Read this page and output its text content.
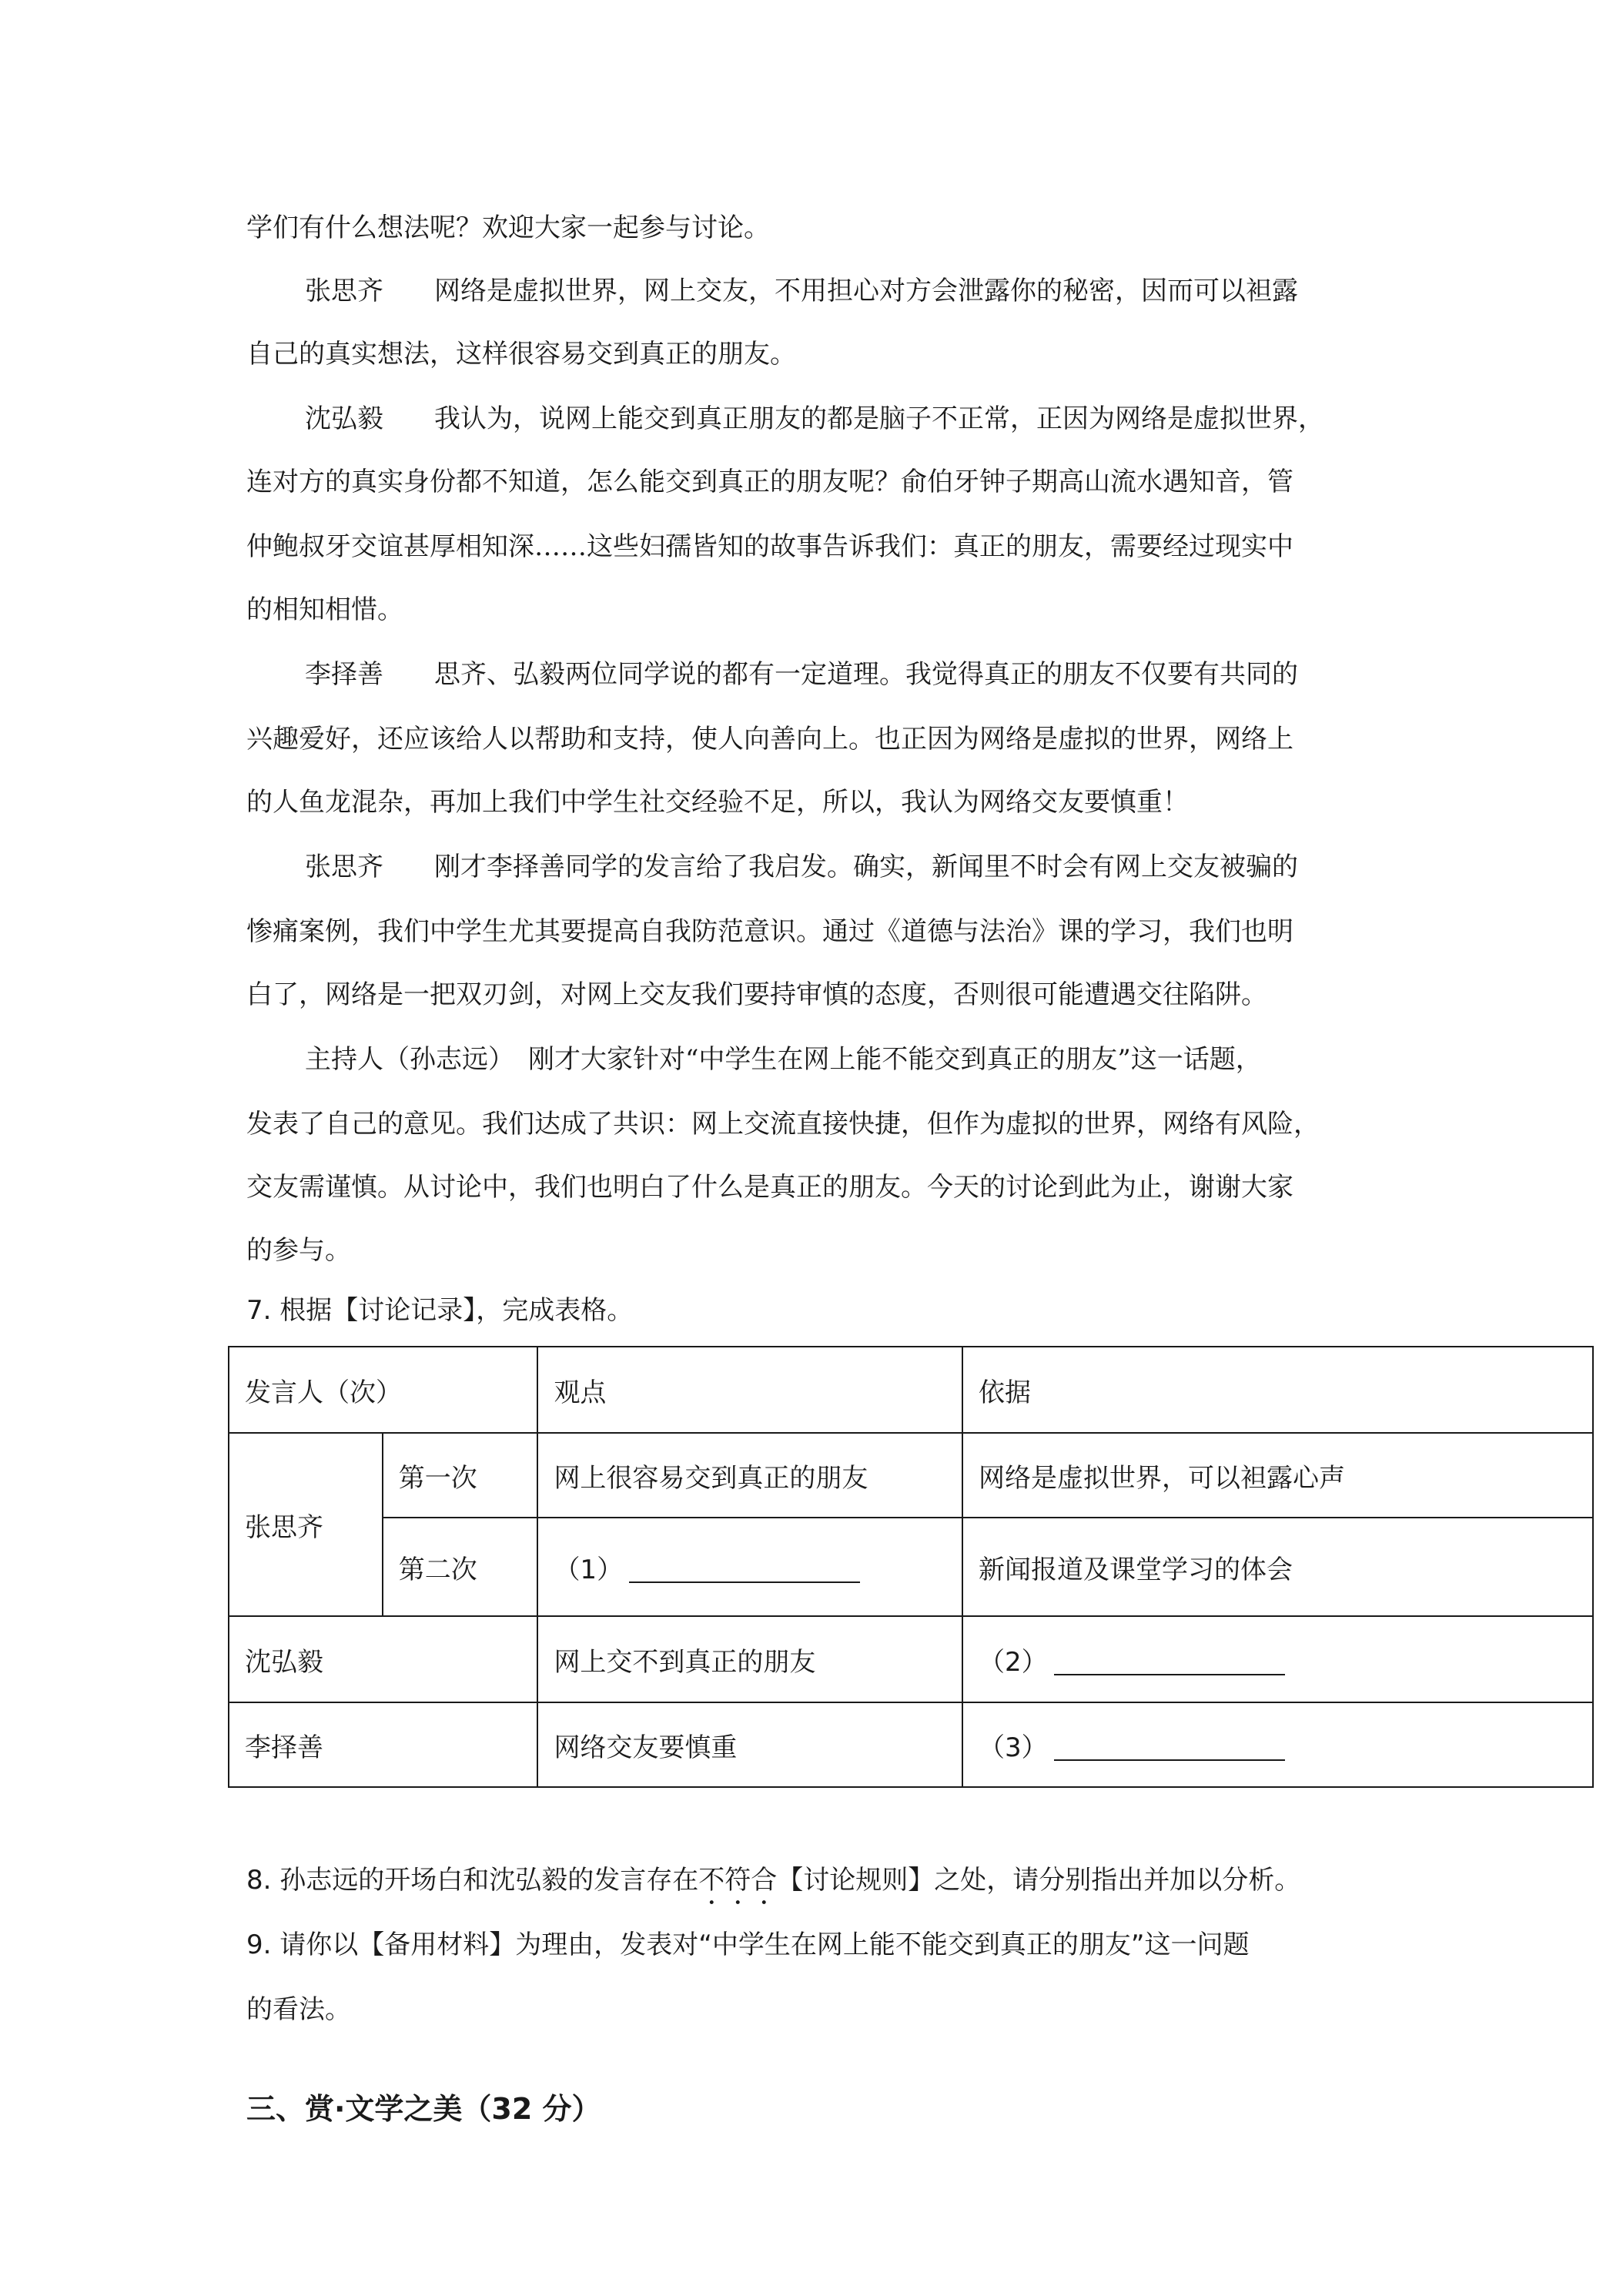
学们有什么想法呢？欢迎大家一起参与讨论。
张思齐 网络是虚拟世界，网上交友，不用担心对方会泄露你的秘密，因而可以袒露
自己的真实想法，这样很容易交到真正的朋友。
沈弘毅 我认为，说网上能交到真正朋友的都是脑子不正常，正因为网络是虚拟世界，
连对方的真实身份都不知道，怎么能交到真正的朋友呢？俞伯牙钟子期高山流水遇知音，管
仲鲍叔牙交谊甚厚相知深……这些妇孺皆知的故事告诉我们：真正的朋友，需要经过现实中
的相知相惜。
李择善 思齐、弘毅两位同学说的都有一定道理。我觉得真正的朋友不仅要有共同的
兴趣爱好，还应该给人以帮助和支持，使人向善向上。也正因为网络是虚拟的世界，网络上
的人鱼龙混杂，再加上我们中学生社交经验不足，所以，我认为网络交友要慎重！
张思齐 刚才李择善同学的发言给了我启发。确实，新闻里不时会有网上交友被骗的
惨痛案例，我们中学生尤其要提高自我防范意识。通过《道德与法治》课的学习，我们也明
白了，网络是一把双刃剑，对网上交友我们要持审慎的态度，否则很可能遭遇交往陷阱。
主持人（孙志远） 刚才大家针对“中学生在网上能不能交到真正的朋友”这一话题，
发表了自己的意见。我们达成了共识：网上交流直接快捷，但作为虚拟的世界，网络有风险，
交友需谨慎。从讨论中，我们也明白了什么是真正的朋友。今天的讨论到此为止，谢谢大家
的参与。
7. 根据【讨论记录】，完成表格。
发言人（次）		观点	依据
张思齐	第一次	网上很容易交到真正的朋友	网络是虚拟世界，可以袒露心声
	第二次	（1）	新闻报道及课堂学习的体会
沈弘毅		网上交不到真正的朋友	（2）
李择善		网络交友要慎重	（3）
8. 孙志远的开场白和沈弘毅的发言存在不符合【讨论规则】之处，请分别指出并加以分析。
9. 请你以【备用材料】为理由，发表对“中学生在网上能不能交到真正的朋友”这一问题
的看法。
三、赏·文学之美（32 分）
